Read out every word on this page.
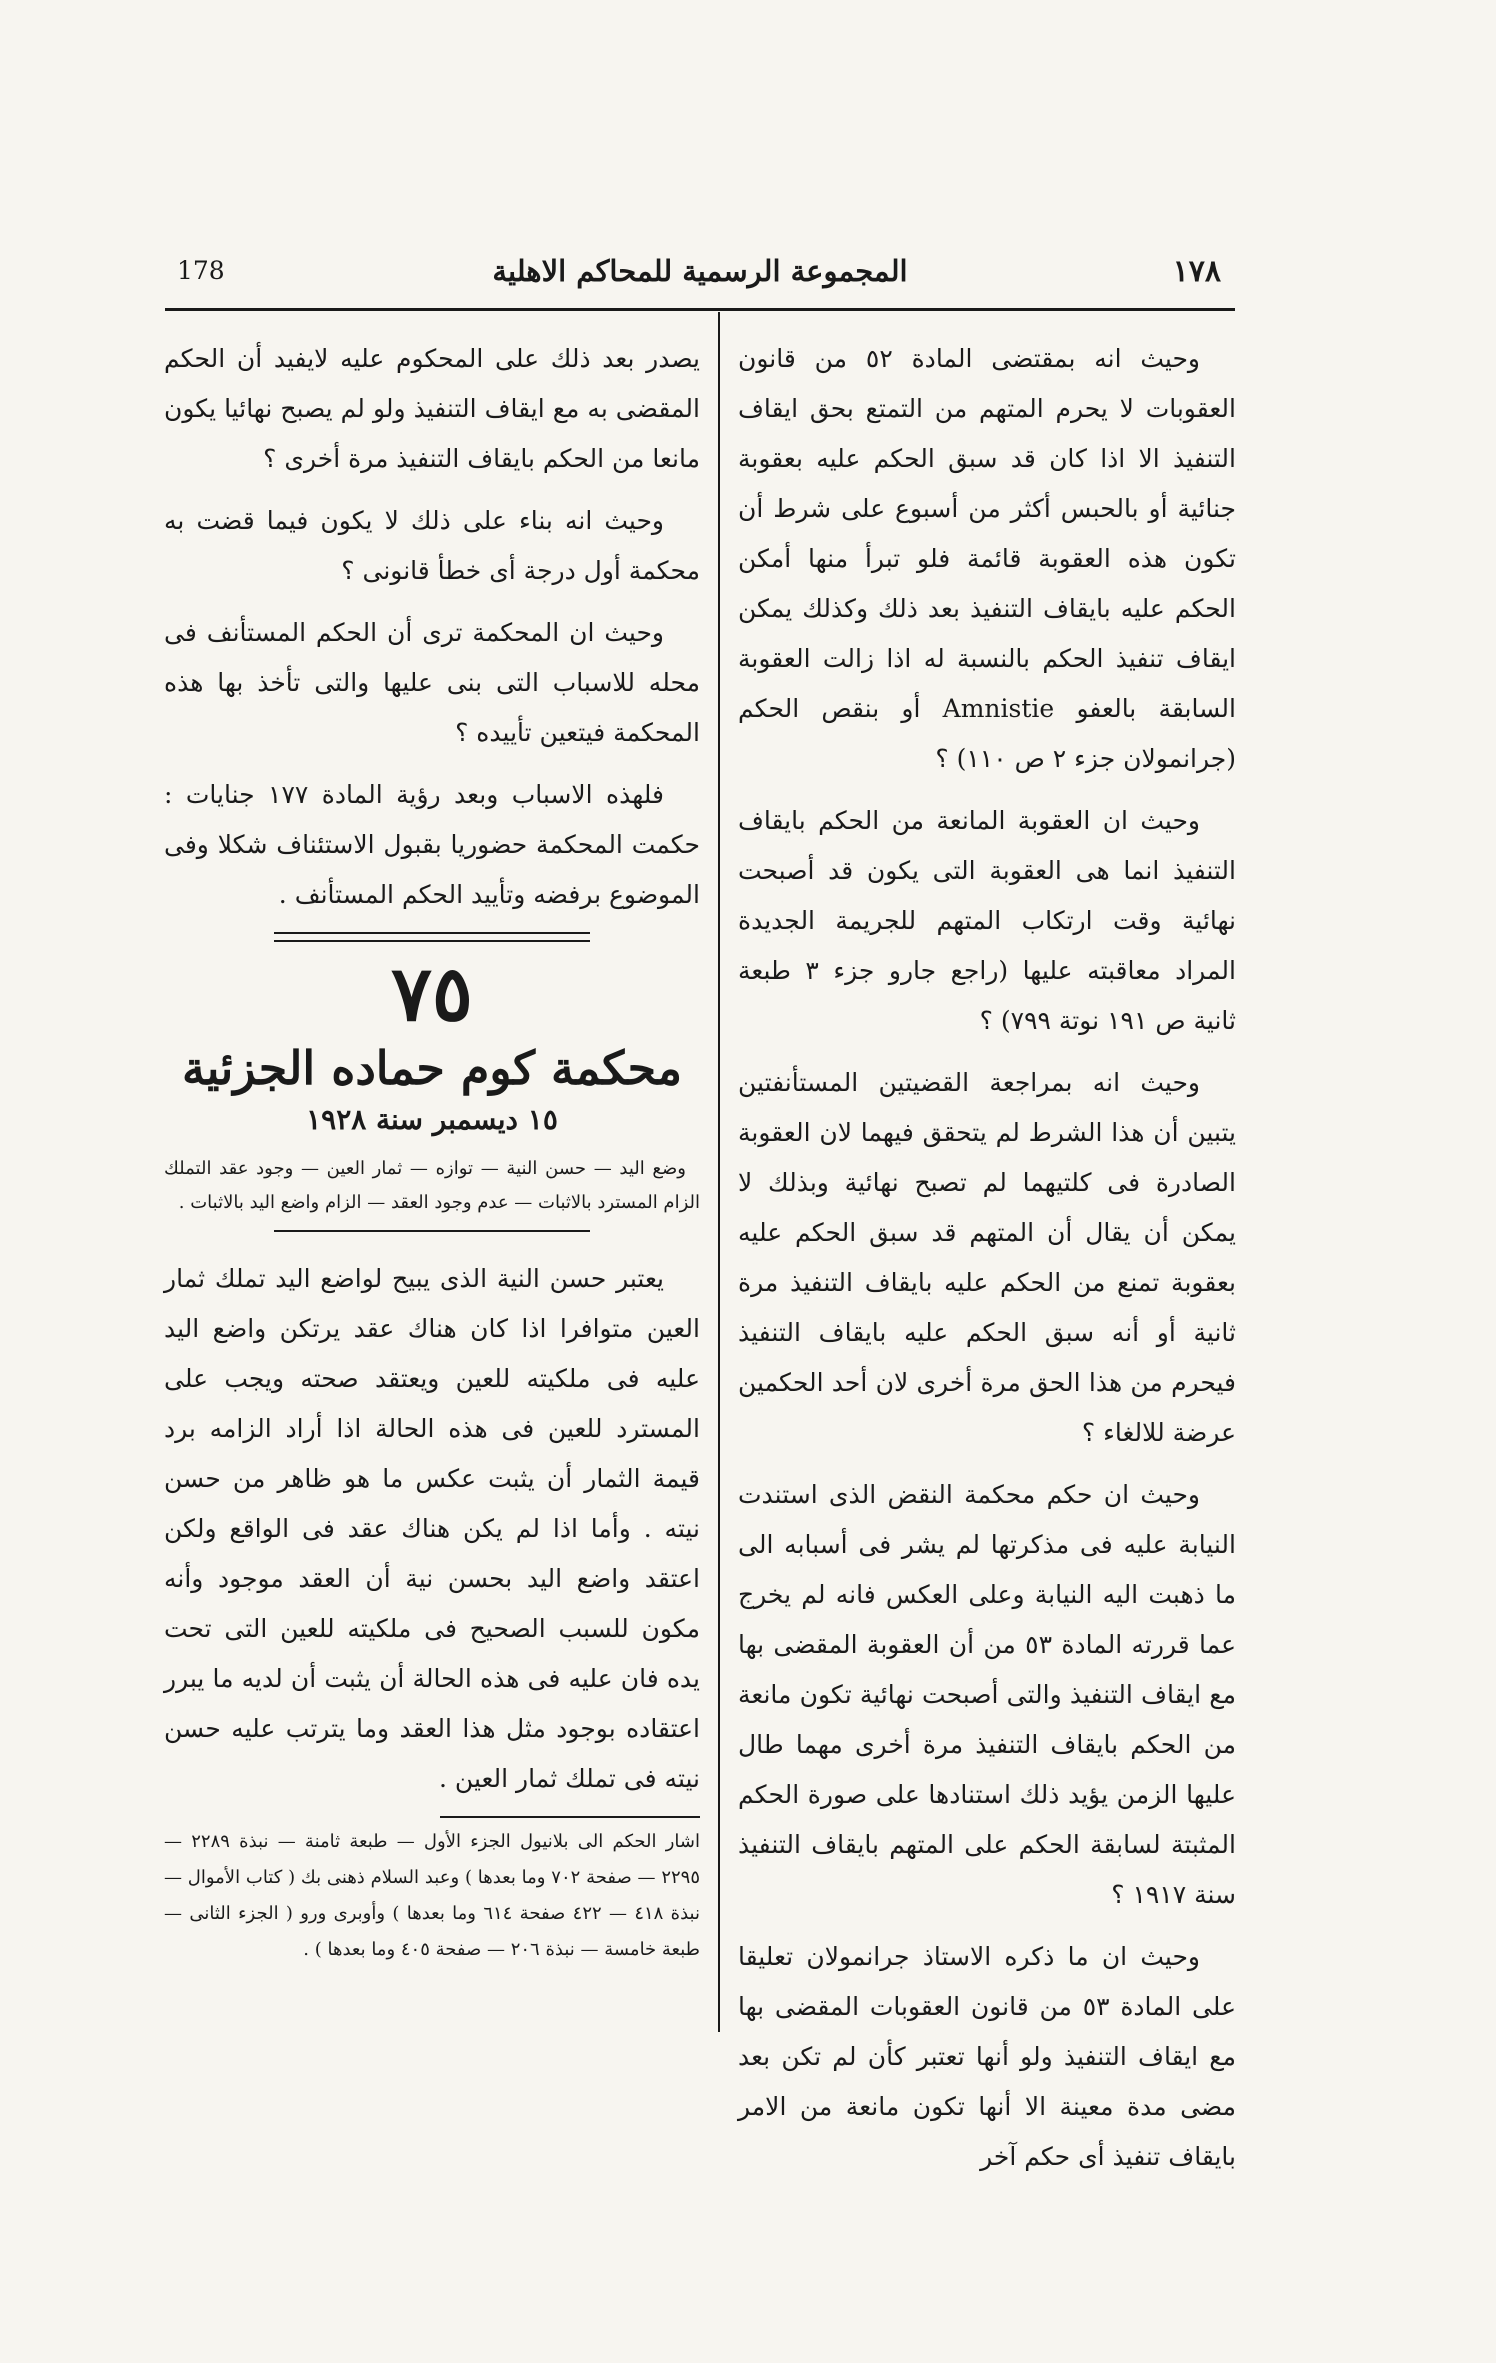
178	المجموعة الرسمية للمحاكم الاهلية	١٧٨

وحيث انه بمقتضى المادة ٥٢ من قانون العقوبات لا يحرم المتهم من التمتع بحق ايقاف التنفيذ الا اذا كان قد سبق الحكم عليه بعقوبة جنائية أو بالحبس أكثر من أسبوع على شرط أن تكون هذه العقوبة قائمة فلو تبرأ منها أمكن الحكم عليه بايقاف التنفيذ بعد ذلك وكذلك يمكن ايقاف تنفيذ الحكم بالنسبة له اذا زالت العقوبة السابقة بالعفو Amnistie أو بنقص الحكم (جرانمولان جزء ٢ ص ١١٠) ؟

وحيث ان العقوبة المانعة من الحكم بايقاف التنفيذ انما هى العقوبة التى يكون قد أصبحت نهائية وقت ارتكاب المتهم للجريمة الجديدة المراد معاقبته عليها (راجع جارو جزء ٣ طبعة ثانية ص ١٩١ نوتة ٧٩٩) ؟

وحيث انه بمراجعة القضيتين المستأنفتين يتبين أن هذا الشرط لم يتحقق فيهما لان العقوبة الصادرة فى كلتيهما لم تصبح نهائية وبذلك لا يمكن أن يقال أن المتهم قد سبق الحكم عليه بعقوبة تمنع من الحكم عليه بايقاف التنفيذ مرة ثانية أو أنه سبق الحكم عليه بايقاف التنفيذ فيحرم من هذا الحق مرة أخرى لان أحد الحكمين عرضة للالغاء ؟

وحيث ان حكم محكمة النقض الذى استندت النيابة عليه فى مذكرتها لم يشر فى أسبابه الى ما ذهبت اليه النيابة وعلى العكس فانه لم يخرج عما قررته المادة ٥٣ من أن العقوبة المقضى بها مع ايقاف التنفيذ والتى أصبحت نهائية تكون مانعة من الحكم بايقاف التنفيذ مرة أخرى مهما طال عليها الزمن يؤيد ذلك استنادها على صورة الحكم المثبتة لسابقة الحكم على المتهم بايقاف التنفيذ سنة ١٩١٧ ؟

وحيث ان ما ذكره الاستاذ جرانمولان تعليقا على المادة ٥٣ من قانون العقوبات المقضى بها مع ايقاف التنفيذ ولو أنها تعتبر كأن لم تكن بعد مضى مدة معينة الا أنها تكون مانعة من الامر بايقاف تنفيذ أى حكم آخر

يصدر بعد ذلك على المحكوم عليه لايفيد أن الحكم المقضى به مع ايقاف التنفيذ ولو لم يصبح نهائيا يكون مانعا من الحكم بايقاف التنفيذ مرة أخرى ؟

وحيث انه بناء على ذلك لا يكون فيما قضت به محكمة أول درجة أى خطأ قانونى ؟

وحيث ان المحكمة ترى أن الحكم المستأنف فى محله للاسباب التى بنى عليها والتى تأخذ بها هذه المحكمة فيتعين تأييده ؟

فلهذه الاسباب وبعد رؤية المادة ١٧٧ جنايات : حكمت المحكمة حضوريا بقبول الاستئناف شكلا وفى الموضوع برفضه وتأييد الحكم المستأنف .

٧٥
محكمة كوم حماده الجزئية
١٥ ديسمبر سنة ١٩٢٨

وضع اليد — حسن النية — توازه — ثمار العين — وجود عقد التملك الزام المسترد بالاثبات — عدم وجود العقد — الزام واضع اليد بالاثبات .

يعتبر حسن النية الذى يبيح لواضع اليد تملك ثمار العين متوافرا اذا كان هناك عقد يرتكن واضع اليد عليه فى ملكيته للعين ويعتقد صحته ويجب على المسترد للعين فى هذه الحالة اذا أراد الزامه برد قيمة الثمار أن يثبت عكس ما هو ظاهر من حسن نيته . وأما اذا لم يكن هناك عقد فى الواقع ولكن اعتقد واضع اليد بحسن نية أن العقد موجود وأنه مكون للسبب الصحيح فى ملكيته للعين التى تحت يده فان عليه فى هذه الحالة أن يثبت أن لديه ما يبرر اعتقاده بوجود مثل هذا العقد وما يترتب عليه حسن نيته فى تملك ثمار العين .

اشار الحكم الى بلانيول الجزء الأول — طبعة ثامنة — نبذة ٢٢٨٩ — ٢٢٩٥ — صفحة ٧٠٢ وما بعدها ) وعبد السلام ذهنى بك ( كتاب الأموال — نبذة ٤١٨ — ٤٢٢ صفحة ٦١٤ وما بعدها ) وأوبرى ورو ( الجزء الثانى — طبعة خامسة — نبذة ٢٠٦ — صفحة ٤٠٥ وما بعدها ) .
